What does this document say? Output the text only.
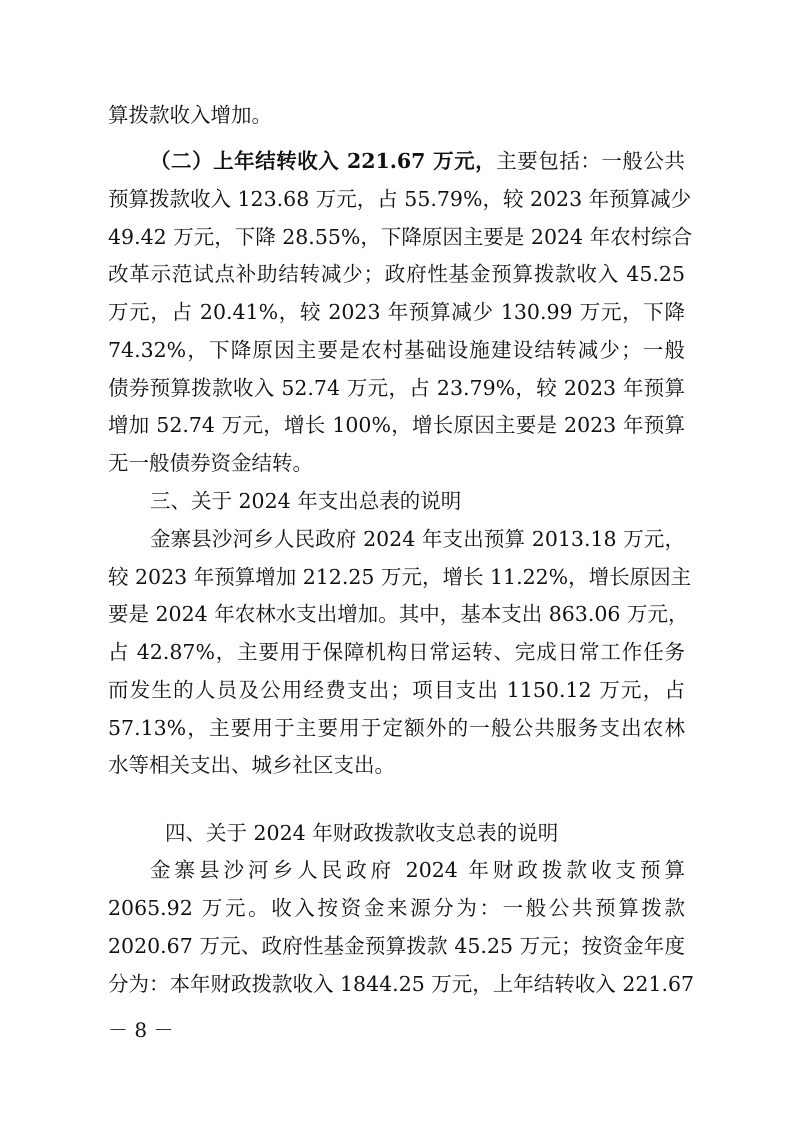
算拨款收入增加。
（二）上年结转收入 221.67 万元，主要包括：一般公共
预算拨款收入 123.68 万元，占 55.79%，较 2023 年预算减少
49.42 万元，下降 28.55%，下降原因主要是 2024 年农村综合
改革示范试点补助结转减少；政府性基金预算拨款收入 45.25
万元，占 20.41%，较 2023 年预算减少 130.99 万元，下降
74.32%，下降原因主要是农村基础设施建设结转减少；一般
债券预算拨款收入 52.74 万元，占 23.79%，较 2023 年预算
增加 52.74 万元，增长 100%，增长原因主要是 2023 年预算
无一般债券资金结转。
三、关于 2024 年支出总表的说明
金寨县沙河乡人民政府 2024 年支出预算 2013.18 万元，
较 2023 年预算增加 212.25 万元，增长 11.22%，增长原因主
要是 2024 年农林水支出增加。其中，基本支出 863.06 万元，
占 42.87%，主要用于保障机构日常运转、完成日常工作任务
而发生的人员及公用经费支出；项目支出 1150.12 万元，占
57.13%，主要用于主要用于定额外的一般公共服务支出农林
水等相关支出、城乡社区支出。
四、关于 2024 年财政拨款收支总表的说明
金寨县沙河乡人民政府 2024 年财政拨款收支预算
2065.92 万元。收入按资金来源分为：一般公共预算拨款
2020.67 万元、政府性基金预算拨款 45.25 万元；按资金年度
分为：本年财政拨款收入 1844.25 万元，上年结转收入 221.67
－ 8 －
